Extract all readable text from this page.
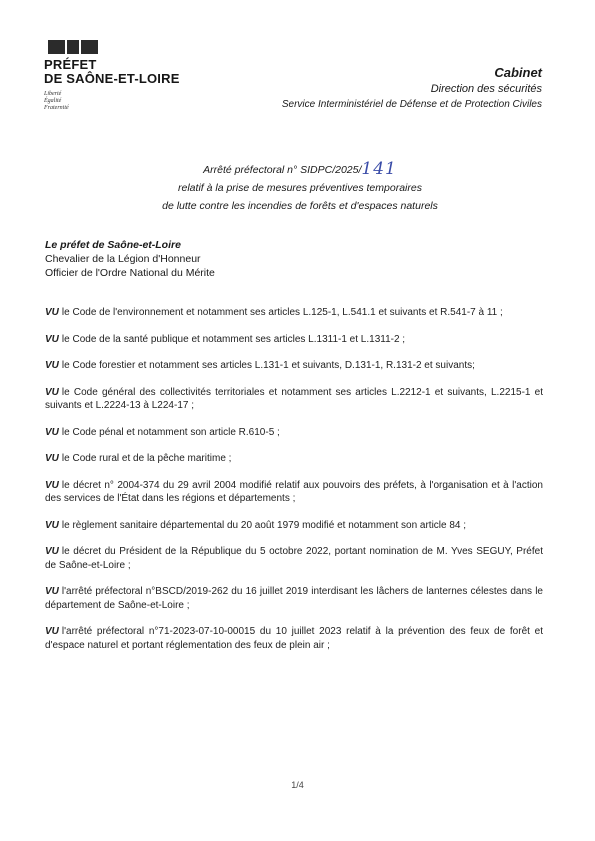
PRÉFET
DE SAÔNE-ET-LOIRE
Liberté
Égalité
Fraternité
Cabinet
Direction des sécurités
Service Interministériel de Défense et de Protection Civiles
Arrêté préfectoral n° SIDPC/2025/141
relatif à la prise de mesures préventives temporaires
de lutte contre les incendies de forêts et d'espaces naturels
Le préfet de Saône-et-Loire
Chevalier de la Légion d'Honneur
Officier de l'Ordre National du Mérite

VU le Code de l'environnement et notamment ses articles L.125-1, L.541.1 et suivants et R.541-7 à 11 ;

VU le Code de la santé publique et notamment ses articles L.1311-1 et L.1311-2 ;

VU le Code forestier et notamment ses articles L.131-1 et suivants, D.131-1, R.131-2 et suivants;

VU le Code général des collectivités territoriales et notamment ses articles L.2212-1 et suivants, L.2215-1 et suivants et L.2224-13 à L224-17 ;

VU le Code pénal et notamment son article R.610-5 ;

VU le Code rural et de la pêche maritime ;

VU le décret n° 2004-374 du 29 avril 2004 modifié relatif aux pouvoirs des préfets, à l'organisation et à l'action des services de l'État dans les régions et départements ;

VU le règlement sanitaire départemental du 20 août 1979 modifié et notamment son article 84 ;

VU le décret du Président de la République du 5 octobre 2022, portant nomination de M. Yves SEGUY, Préfet de Saône-et-Loire ;

VU l'arrêté préfectoral n°BSCD/2019-262 du 16 juillet 2019 interdisant les lâchers de lanternes célestes dans le département de Saône-et-Loire ;

VU l'arrêté préfectoral n°71-2023-07-10-00015 du 10 juillet 2023 relatif à la prévention des feux de forêt et d'espace naturel et portant réglementation des feux de plein air ;

1/4
